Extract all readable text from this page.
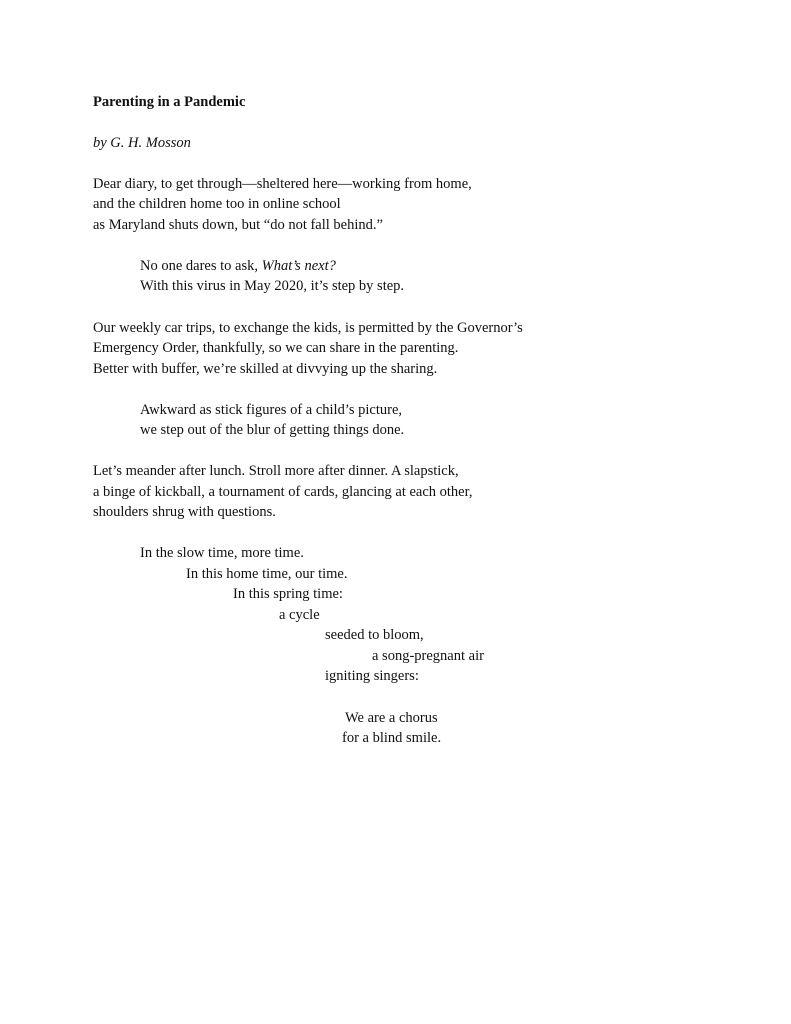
Parenting in a Pandemic
by G. H. Mosson
Dear diary, to get through—sheltered here—working from home,
and the children home too in online school
as Maryland shuts down, but “do not fall behind.”
No one dares to ask, What’s next?
With this virus in May 2020, it’s step by step.
Our weekly car trips, to exchange the kids, is permitted by the Governor’s
Emergency Order, thankfully, so we can share in the parenting.
Better with buffer, we’re skilled at divvying up the sharing.
Awkward as stick figures of a child’s picture,
we step out of the blur of getting things done.
Let’s meander after lunch. Stroll more after dinner. A slapstick,
a binge of kickball, a tournament of cards, glancing at each other,
shoulders shrug with questions.
In the slow time, more time.
In this home time, our time.
In this spring time:
a cycle
seeded to bloom,
a song-pregnant air
igniting singers:
We are a chorus
for a blind smile.
